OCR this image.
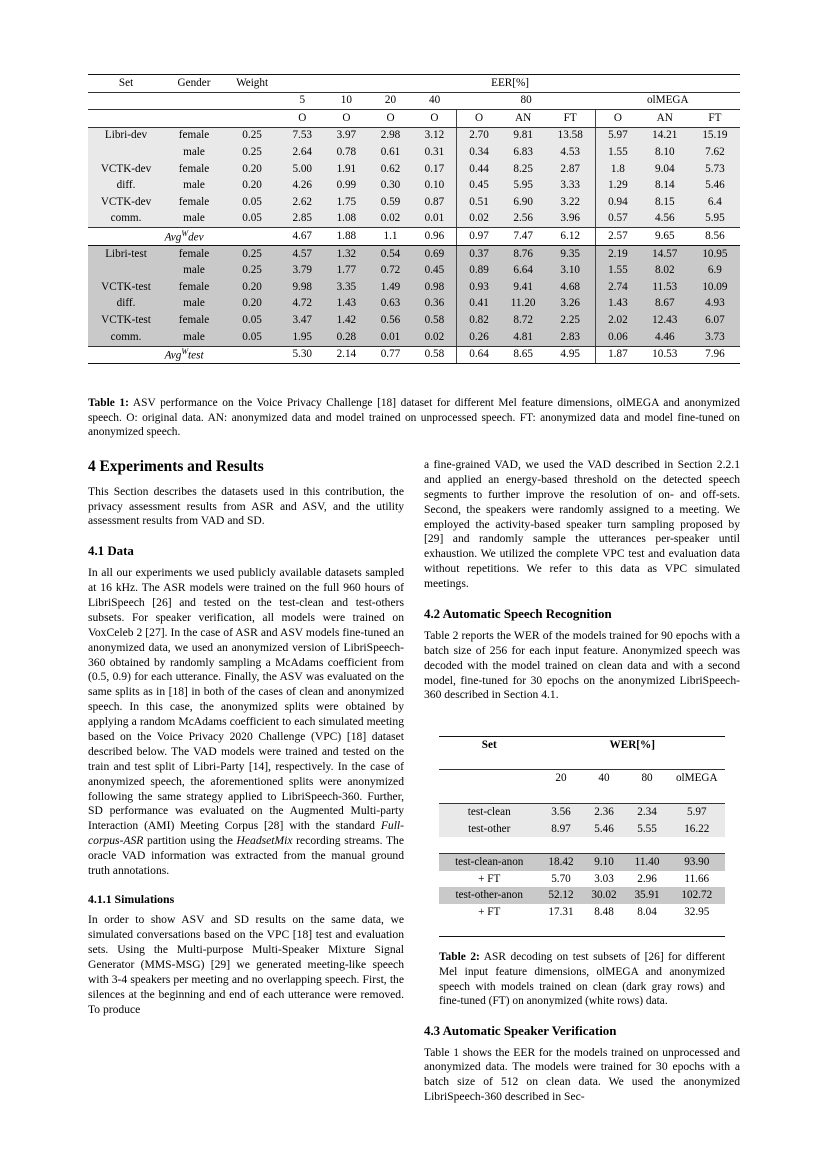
Set	Gender	Weight	EER[%]									

			5	10	20	40	80			olMEGA		

			O	O	O	O	O	AN	FT	O	AN	FT

Libri-dev	female	0.25	7.53	3.97	2.98	3.12	2.70	9.81	13.58	5.97	14.21	15.19
	male	0.25	2.64	0.78	0.61	0.31	0.34	6.83	4.53	1.55	8.10	7.62
VCTK-dev	female	0.20	5.00	1.91	0.62	0.17	0.44	8.25	2.87	1.8	9.04	5.73
diff.	male	0.20	4.26	0.99	0.30	0.10	0.45	5.95	3.33	1.29	8.14	5.46
VCTK-dev	female	0.05	2.62	1.75	0.59	0.87	0.51	6.90	3.22	0.94	8.15	6.4
comm.	male	0.05	2.85	1.08	0.02	0.01	0.02	2.56	3.96	0.57	4.56	5.95

Avg$^W$dev			4.67	1.88	1.1	0.96	0.97	7.47	6.12	2.57	9.65	8.56

Libri-test	female	0.25	4.57	1.32	0.54	0.69	0.37	8.76	9.35	2.19	14.57	10.95
	male	0.25	3.79	1.77	0.72	0.45	0.89	6.64	3.10	1.55	8.02	6.9
VCTK-test	female	0.20	9.98	3.35	1.49	0.98	0.93	9.41	4.68	2.74	11.53	10.09
diff.	male	0.20	4.72	1.43	0.63	0.36	0.41	11.20	3.26	1.43	8.67	4.93
VCTK-test	female	0.05	3.47	1.42	0.56	0.58	0.82	8.72	2.25	2.02	12.43	6.07
comm.	male	0.05	1.95	0.28	0.01	0.02	0.26	4.81	2.83	0.06	4.46	3.73

Avg$^W$test			5.30	2.14	0.77	0.58	0.64	8.65	4.95	1.87	10.53	7.96

Table 1: ASV performance on the Voice Privacy Challenge [18] dataset for different Mel feature dimensions, olMEGA and anonymized speech. O: original data. AN: anonymized data and model trained on unprocessed speech. FT: anonymized data and model fine-tuned on anonymized speech.
4 Experiments and Results

This Section describes the datasets used in this contribution, the privacy assessment results from ASR and ASV, and the utility assessment results from VAD and SD.

4.1 Data

In all our experiments we used publicly available datasets sampled at 16 kHz. The ASR models were trained on the full 960 hours of LibriSpeech [26] and tested on the test-clean and test-others subsets. For speaker verification, all models were trained on VoxCeleb 2 [27]. In the case of ASR and ASV models fine-tuned an anonymized data, we used an anonymized version of LibriSpeech-360 obtained by randomly sampling a McAdams coefficient from (0.5, 0.9) for each utterance. Finally, the ASV was evaluated on the same splits as in [18] in both of the cases of clean and anonymized speech. In this case, the anonymized splits were obtained by applying a random McAdams coefficient to each simulated meeting based on the Voice Privacy 2020 Challenge (VPC) [18] dataset described below. The VAD models were trained and tested on the train and test split of Libri-Party [14], respectively. In the case of anonymized speech, the aforementioned splits were anonymized following the same strategy applied to LibriSpeech-360. Further, SD performance was evaluated on the Augmented Multi-party Interaction (AMI) Meeting Corpus [28] with the standard Full-corpus-ASR partition using the HeadsetMix recording streams. The oracle VAD information was extracted from the manual ground truth annotations.

4.1.1 Simulations

In order to show ASV and SD results on the same data, we simulated conversations based on the VPC [18] test and evaluation sets. Using the Multi-purpose Multi-Speaker Mixture Signal Generator (MMS-MSG) [29] we generated meeting-like speech with 3-4 speakers per meeting and no overlapping speech. First, the silences at the beginning and end of each utterance were removed. To produce

a fine-grained VAD, we used the VAD described in Section 2.2.1 and applied an energy-based threshold on the detected speech segments to further improve the resolution of on- and off-sets. Second, the speakers were randomly assigned to a meeting. We employed the activity-based speaker turn sampling proposed by [29] and randomly sample the utterances per-speaker until exhaustion. We utilized the complete VPC test and evaluation data without repetitions. We refer to this data as VPC simulated meetings.

4.2 Automatic Speech Recognition

Table 2 reports the WER of the models trained for 90 epochs with a batch size of 256 for each input feature. Anonymized speech was decoded with the model trained on clean data and with a second model, fine-tuned for 30 epochs on the anonymized LibriSpeech-360 described in Section 4.1.

Set	WER[%]			

	20	40	80	olMEGA

test-clean	3.56	2.36	2.34	5.97
test-other	8.97	5.46	5.55	16.22

test-clean-anon	18.42	9.10	11.40	93.90
+ FT	5.70	3.03	2.96	11.66
test-other-anon	52.12	30.02	35.91	102.72
+ FT	17.31	8.48	8.04	32.95

Table 2: ASR decoding on test subsets of [26] for different Mel input feature dimensions, olMEGA and anonymized speech with models trained on clean (dark gray rows) and fine-tuned (FT) on anonymized (white rows) data.
4.3 Automatic Speaker Verification

Table 1 shows the EER for the models trained on unprocessed and anonymized data. The models were trained for 30 epochs with a batch size of 512 on clean data. We used the anonymized LibriSpeech-360 described in Sec-
